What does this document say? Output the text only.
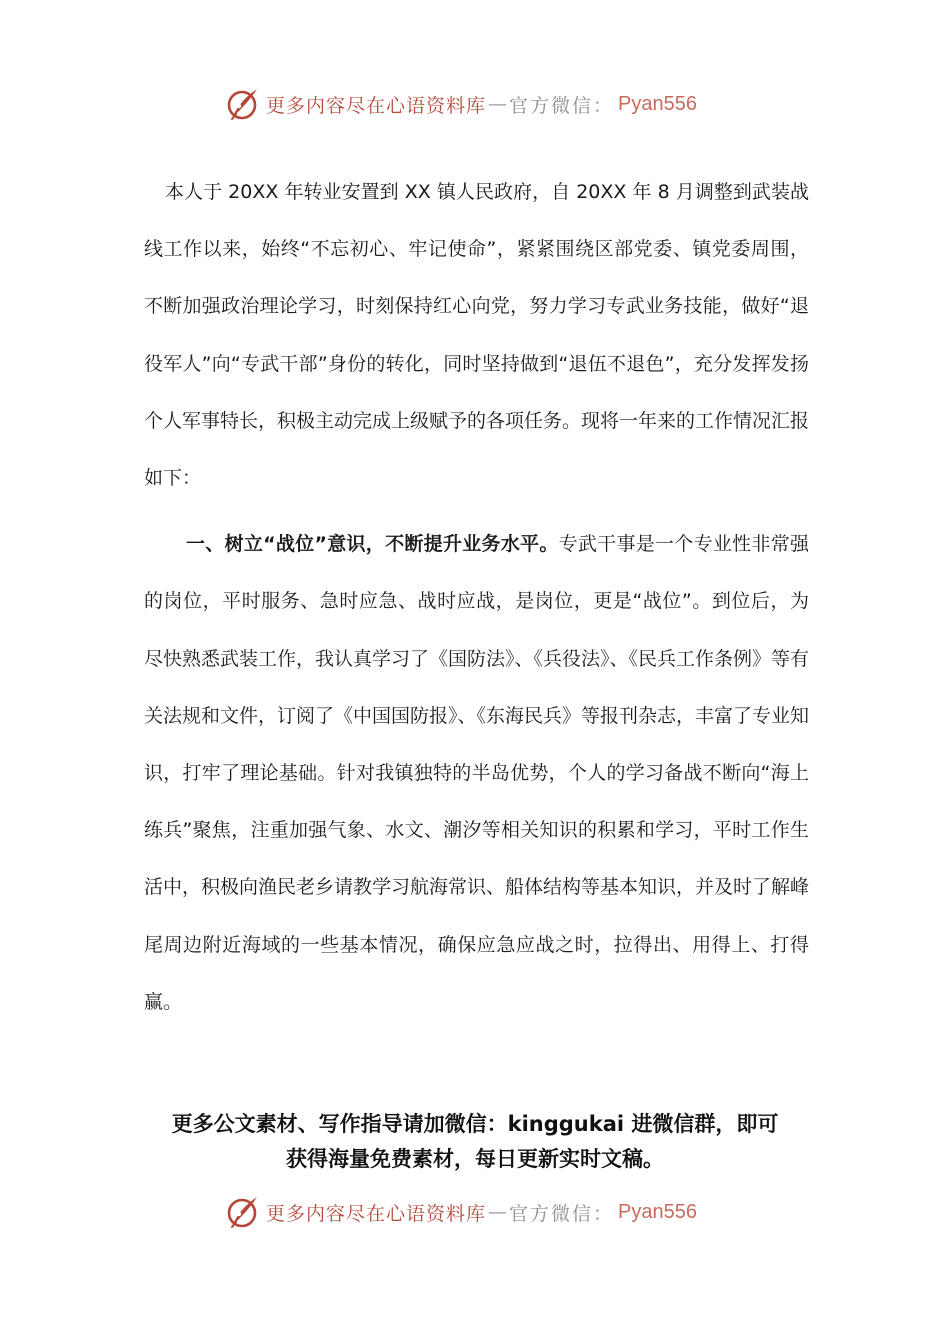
更多内容尽在心语资料库 — 官方微信： Pyan556

本人于 20XX 年转业安置到 XX 镇人民政府，自 20XX 年 8 月调整到武装战线工作以来，始终“不忘初心、牢记使命”，紧紧围绕区部党委、镇党委周围，不断加强政治理论学习，时刻保持红心向党，努力学习专武业务技能，做好“退役军人”向“专武干部”身份的转化，同时坚持做到“退伍不退色”，充分发挥发扬个人军事特长，积极主动完成上级赋予的各项任务。现将一年来的工作情况汇报如下：

一、树立“战位”意识，不断提升业务水平。专武干事是一个专业性非常强的岗位，平时服务、急时应急、战时应战，是岗位，更是“战位”。到位后，为尽快熟悉武装工作，我认真学习了《国防法》、《兵役法》、《民兵工作条例》等有关法规和文件，订阅了《中国国防报》、《东海民兵》等报刊杂志，丰富了专业知识，打牢了理论基础。针对我镇独特的半岛优势，个人的学习备战不断向“海上练兵”聚焦，注重加强气象、水文、潮汐等相关知识的积累和学习，平时工作生活中，积极向渔民老乡请教学习航海常识、船体结构等基本知识，并及时了解峰尾周边附近海域的一些基本情况，确保应急应战之时，拉得出、用得上、打得赢。

更多公文素材、写作指导请加微信：kinggukai 进微信群，即可
获得海量免费素材，每日更新实时文稿。
更多内容尽在心语资料库 — 官方微信： Pyan556
